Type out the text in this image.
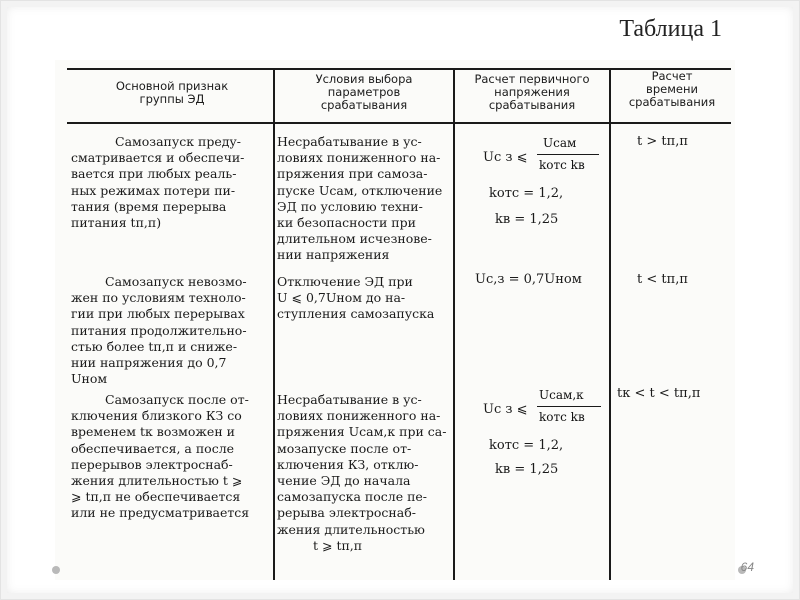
Таблица 1
Основной признак
группы ЭД
Условия выбора
параметров
срабатывания
Расчет первичного
напряжения
срабатывания
Расчет
времени
срабатывания
Самозапуск преду-
сматривается и обеспечи-
вается при любых реаль-
ных режимах потери пи-
тания (время перерыва
питания tп,п)
Несрабатывание в ус-
ловиях пониженного на-
пряжения при самоза-
пуске Uсам, отключение
ЭД по условию техни-
ки безопасности при
длительном исчезнове-
нии напряжения
Uс з ⩽
Uсам
kотс kв
kотс = 1,2,
kв = 1,25
t > tп,п
Самозапуск невозмо-
жен по условиям техноло-
гии при любых перерывах
питания продолжительно-
стью более tп,п и сниже-
нии напряжения до 0,7
Uном
Отключение ЭД при
U ⩽ 0,7Uном до на-
ступления самозапуска
Uс,з = 0,7Uном	t < tп,п
Самозапуск после от-
ключения близкого КЗ со
временем tк возможен и
обеспечивается, а после
перерывов электроснаб-
жения длительностью t ⩾
⩾ tп,п не обеспечивается
или не предусматривается
Несрабатывание в ус-
ловиях пониженного на-
пряжения Uсам,к при са-
мозапуске после от-
ключения КЗ, отклю-
чение ЭД до начала
самозапуска после пе-
рерыва электроснаб-
жения длительностью
t ⩾ tп,п
Uс з ⩽
Uсам,к
kотс kв
kотс = 1,2,
kв = 1,25
tк < t < tп,п
64
